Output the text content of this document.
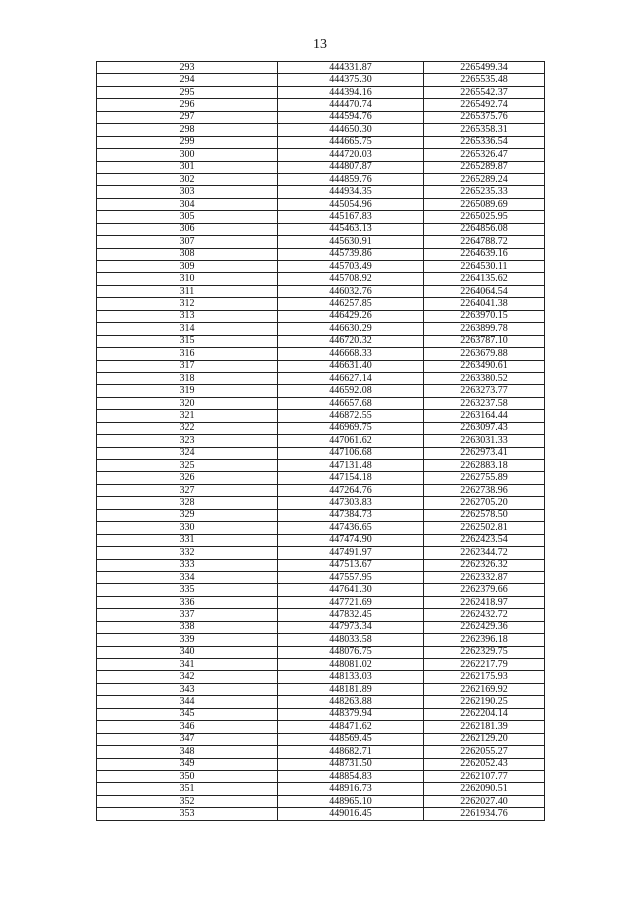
13
293	444331.87	2265499.34
294	444375.30	2265535.48
295	444394.16	2265542.37
296	444470.74	2265492.74
297	444594.76	2265375.76
298	444650.30	2265358.31
299	444665.75	2265336.54
300	444720.03	2265326.47
301	444807.87	2265289.87
302	444859.76	2265289.24
303	444934.35	2265235.33
304	445054.96	2265089.69
305	445167.83	2265025.95
306	445463.13	2264856.08
307	445630.91	2264788.72
308	445739.86	2264639.16
309	445703.49	2264530.11
310	445708.92	2264135.62
311	446032.76	2264064.54
312	446257.85	2264041.38
313	446429.26	2263970.15
314	446630.29	2263899.78
315	446720.32	2263787.10
316	446668.33	2263679.88
317	446631.40	2263490.61
318	446627.14	2263380.52
319	446592.08	2263273.77
320	446657.68	2263237.58
321	446872.55	2263164.44
322	446969.75	2263097.43
323	447061.62	2263031.33
324	447106.68	2262973.41
325	447131.48	2262883.18
326	447154.18	2262755.89
327	447264.76	2262738.96
328	447303.83	2262705.20
329	447384.73	2262578.50
330	447436.65	2262502.81
331	447474.90	2262423.54
332	447491.97	2262344.72
333	447513.67	2262326.32
334	447557.95	2262332.87
335	447641.30	2262379.66
336	447721.69	2262418.97
337	447832.45	2262432.72
338	447973.34	2262429.36
339	448033.58	2262396.18
340	448076.75	2262329.75
341	448081.02	2262217.79
342	448133.03	2262175.93
343	448181.89	2262169.92
344	448263.88	2262190.25
345	448379.94	2262204.14
346	448471.62	2262181.39
347	448569.45	2262129.20
348	448682.71	2262055.27
349	448731.50	2262052.43
350	448854.83	2262107.77
351	448916.73	2262090.51
352	448965.10	2262027.40
353	449016.45	2261934.76
